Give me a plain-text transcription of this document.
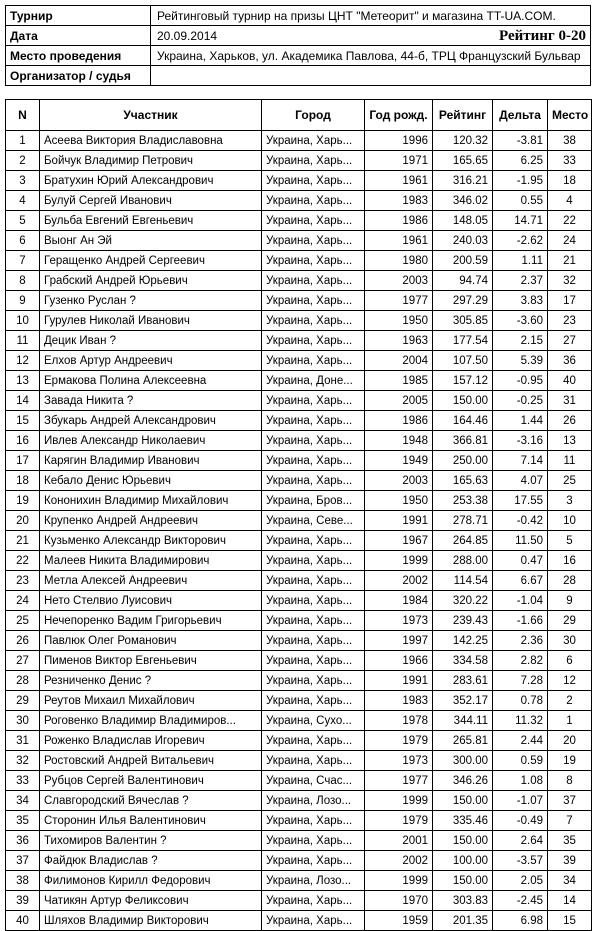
Турнир	Рейтинговый турнир на призы ЦНТ "Метеорит" и магазина TT-UA.COM.
Дата	20.09.2014 Рейтинг 0-20

Место проведения	Украина, Харьков, ул. Академика Павлова, 44-б, ТРЦ Французский Бульвар
Организатор / судья	
N	Участник	Город	Год рожд.	Рейтинг	Дельта	Место
1	Асеева Виктория Владиславовна	Украина, Харь...	1996	120.32	-3.81	38
2	Бойчук Владимир Петрович	Украина, Харь...	1971	165.65	6.25	33
3	Братухин Юрий Александрович	Украина, Харь...	1961	316.21	-1.95	18
4	Булуй Сергей Иванович	Украина, Харь...	1983	346.02	0.55	4
5	Бульба Евгений Евгеньевич	Украина, Харь...	1986	148.05	14.71	22
6	Выонг Ан Эй	Украина, Харь...	1961	240.03	-2.62	24
7	Геращенко Андрей Сергеевич	Украина, Харь...	1980	200.59	1.11	21
8	Грабский Андрей Юрьевич	Украина, Харь...	2003	94.74	2.37	32
9	Гузенко Руслан ?	Украина, Харь...	1977	297.29	3.83	17
10	Гурулев Николай Иванович	Украина, Харь...	1950	305.85	-3.60	23
11	Децик Иван ?	Украина, Харь...	1963	177.54	2.15	27
12	Елхов Артур Андреевич	Украина, Харь...	2004	107.50	5.39	36
13	Ермакова Полина Алексеевна	Украина, Доне...	1985	157.12	-0.95	40
14	Завада Никита ?	Украина, Харь...	2005	150.00	-0.25	31
15	Збукарь Андрей Александрович	Украина, Харь...	1986	164.46	1.44	26
16	Ивлев Александр Николаевич	Украина, Харь...	1948	366.81	-3.16	13
17	Карягин Владимир Иванович	Украина, Харь...	1949	250.00	7.14	11
18	Кебало Денис Юрьевич	Украина, Харь...	2003	165.63	4.07	25
19	Кононихин Владимир Михайлович	Украина, Бров...	1950	253.38	17.55	3
20	Крупенко Андрей Андреевич	Украина, Севе...	1991	278.71	-0.42	10
21	Кузьменко Александр Викторович	Украина, Харь...	1967	264.85	11.50	5
22	Малеев Никита Владимирович	Украина, Харь...	1999	288.00	0.47	16
23	Метла Алексей Андреевич	Украина, Харь...	2002	114.54	6.67	28
24	Нето Стелвио Луисович	Украина, Харь...	1984	320.22	-1.04	9
25	Нечепоренко Вадим Григорьевич	Украина, Харь...	1973	239.43	-1.66	29
26	Павлюк Олег Романович	Украина, Харь...	1997	142.25	2.36	30
27	Пименов Виктор Евгеньевич	Украина, Харь...	1966	334.58	2.82	6
28	Резниченко Денис ?	Украина, Харь...	1991	283.61	7.28	12
29	Реутов Михаил Михайлович	Украина, Харь...	1983	352.17	0.78	2
30	Роговенко Владимир Владимиров...	Украина, Сухо...	1978	344.11	11.32	1
31	Роженко Владислав Игоревич	Украина, Харь...	1979	265.81	2.44	20
32	Ростовский Андрей Витальевич	Украина, Харь...	1973	300.00	0.59	19
33	Рубцов Сергей Валентинович	Украина, Счас...	1977	346.26	1.08	8
34	Славгородский Вячеслав ?	Украина, Лозо...	1999	150.00	-1.07	37
35	Сторонин Илья Валентинович	Украина, Харь...	1979	335.46	-0.49	7
36	Тихомиров Валентин ?	Украина, Харь...	2001	150.00	2.64	35
37	Файдюк Владислав ?	Украина, Харь...	2002	100.00	-3.57	39
38	Филимонов Кирилл Федорович	Украина, Лозо...	1999	150.00	2.05	34
39	Чатикян Артур Феликсович	Украина, Харь...	1970	303.83	-2.45	14
40	Шляхов Владимир Викторович	Украина, Харь...	1959	201.35	6.98	15
